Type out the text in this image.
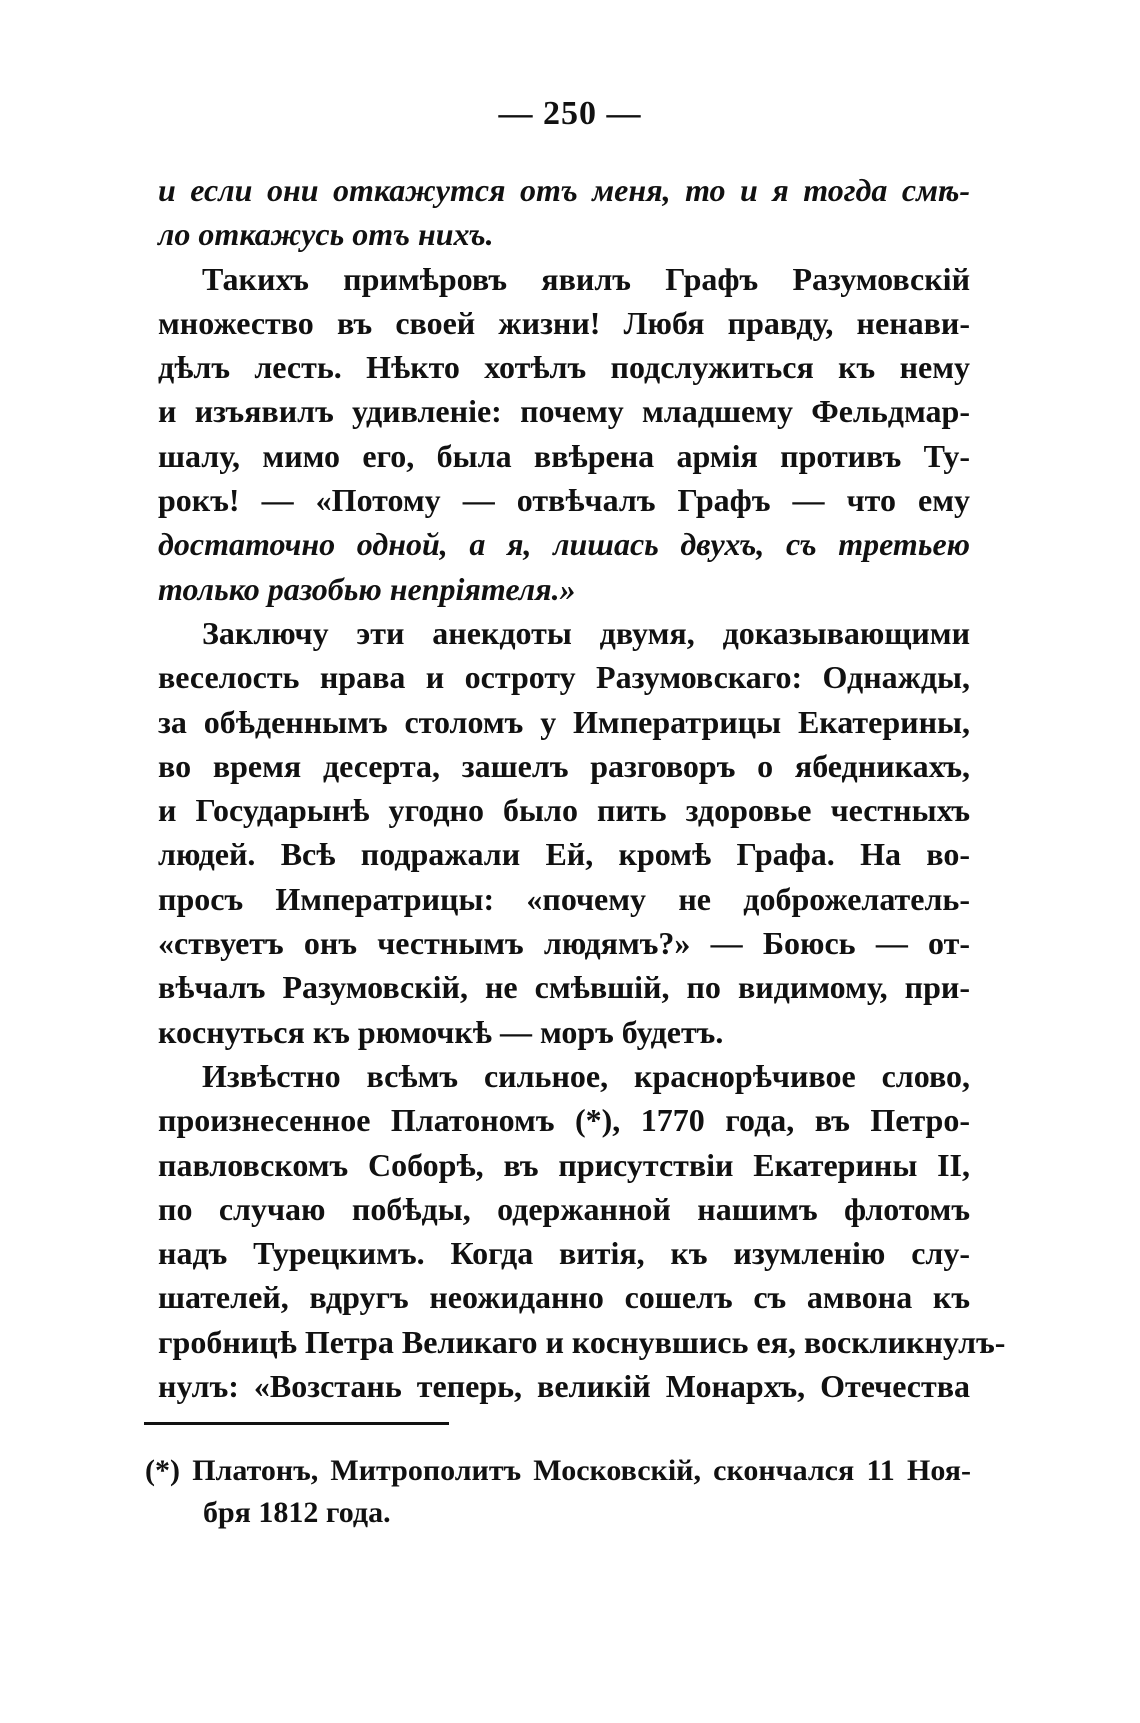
— 250 —
и если они откажутся отъ меня, то и я тогда смѣ-
ло откажусь отъ нихъ.
Такихъ примѣровъ явилъ Графъ Разумовскій
множество въ своей жизни! Любя правду, ненави-
дѣлъ лесть. Нѣкто хотѣлъ подслужиться къ нему
и изъявилъ удивленіе: почему младшему Фельдмар-
шалу, мимо его, была ввѣрена армія противъ Ту-
рокъ! — «Потому — отвѣчалъ Графъ — что ему
достаточно одной, а я, лишась двухъ, съ третьею
только разобью непріятеля.»
Заключу эти анекдоты двумя, доказывающими
веселость нрава и остроту Разумовскаго: Однажды,
за обѣденнымъ столомъ у Императрицы Екатерины,
во время десерта, зашелъ разговоръ о ябедникахъ,
и Государынѣ угодно было пить здоровье честныхъ
людей. Всѣ подражали Ей, кромѣ Графа. На во-
просъ Императрицы: «почему не доброжелатель-
«ствуетъ онъ честнымъ людямъ?» — Боюсь — от-
вѣчалъ Разумовскій, не смѣвшій, по видимому, при-
коснуться къ рюмочкѣ — моръ будетъ.
Извѣстно всѣмъ сильное, краснорѣчивое слово,
произнесенное Платономъ (*), 1770 года, въ Петро-
павловскомъ Соборѣ, въ присутствіи Екатерины II,
по случаю побѣды, одержанной нашимъ флотомъ
надъ Турецкимъ. Когда витія, къ изумленію слу-
шателей, вдругъ неожиданно сошелъ съ амвона къ
гробницѣ Петра Великаго и коснувшись ея, воскликнулъ-
нулъ: «Возстань теперь, великій Монархъ, Отечества
(*) Платонъ, Митрополитъ Московскій, скончался 11 Ноя-
бря 1812 года.
